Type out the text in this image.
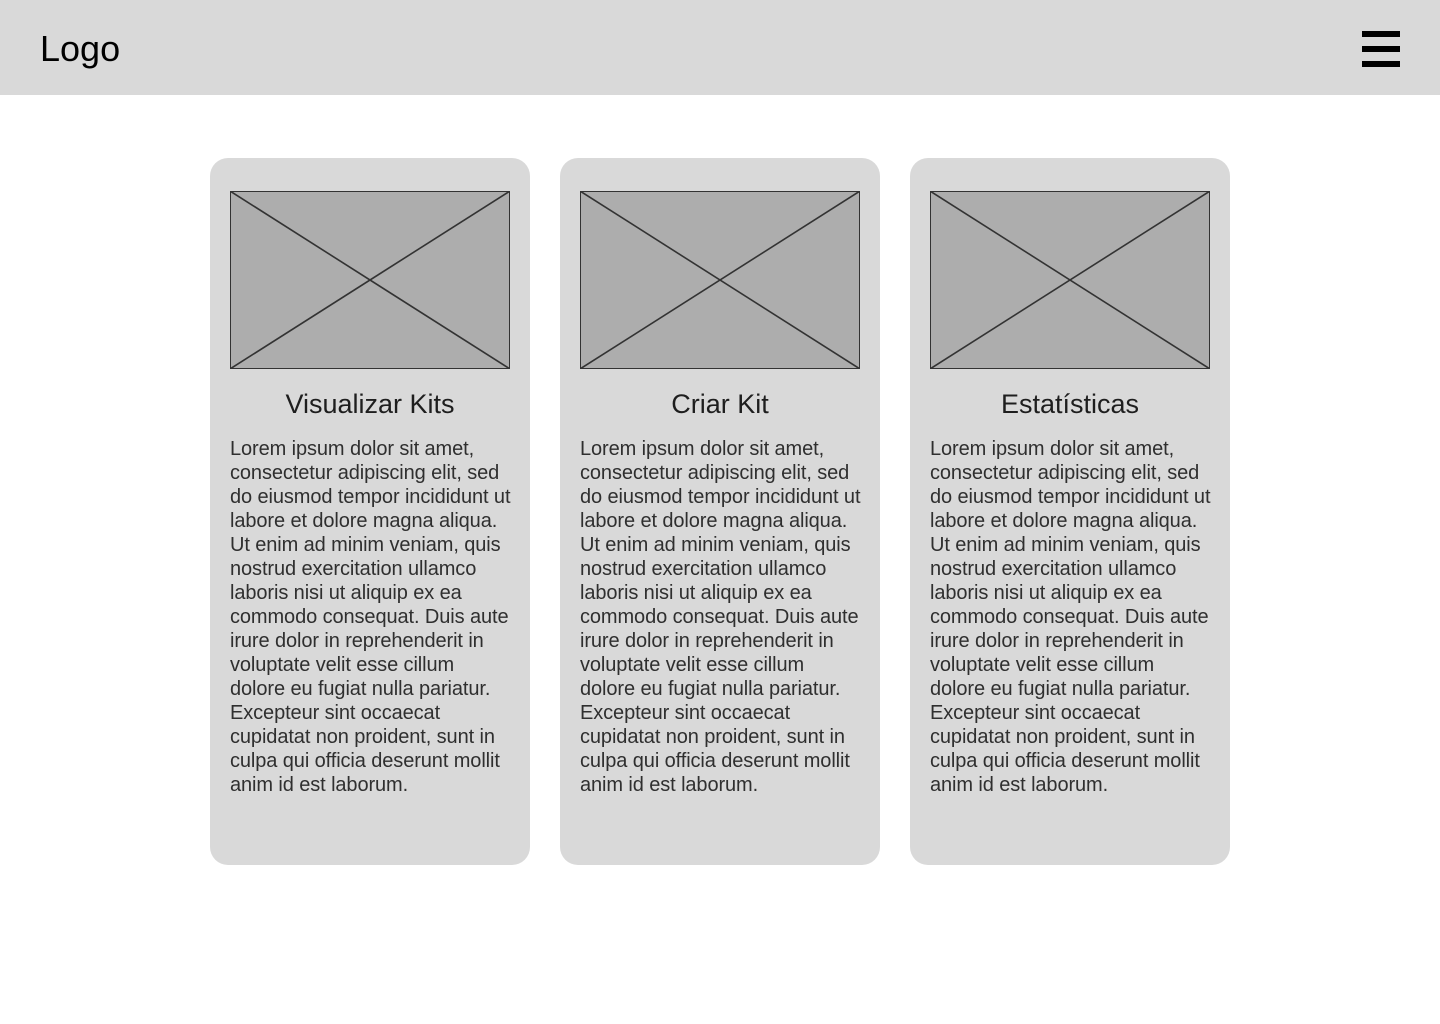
Logo
Visualizar Kits
Lorem ipsum dolor sit amet, consectetur adipiscing elit, sed do eiusmod tempor incididunt ut labore et dolore magna aliqua. Ut enim ad minim veniam, quis nostrud exercitation ullamco laboris nisi ut aliquip ex ea commodo consequat. Duis aute irure dolor in reprehenderit in voluptate velit esse cillum dolore eu fugiat nulla pariatur. Excepteur sint occaecat cupidatat non proident, sunt in culpa qui officia deserunt mollit anim id est laborum.
Criar Kit
Lorem ipsum dolor sit amet, consectetur adipiscing elit, sed do eiusmod tempor incididunt ut labore et dolore magna aliqua. Ut enim ad minim veniam, quis nostrud exercitation ullamco laboris nisi ut aliquip ex ea commodo consequat. Duis aute irure dolor in reprehenderit in voluptate velit esse cillum dolore eu fugiat nulla pariatur. Excepteur sint occaecat cupidatat non proident, sunt in culpa qui officia deserunt mollit anim id est laborum.
Estatísticas
Lorem ipsum dolor sit amet, consectetur adipiscing elit, sed do eiusmod tempor incididunt ut labore et dolore magna aliqua. Ut enim ad minim veniam, quis nostrud exercitation ullamco laboris nisi ut aliquip ex ea commodo consequat. Duis aute irure dolor in reprehenderit in voluptate velit esse cillum dolore eu fugiat nulla pariatur. Excepteur sint occaecat cupidatat non proident, sunt in culpa qui officia deserunt mollit anim id est laborum.
